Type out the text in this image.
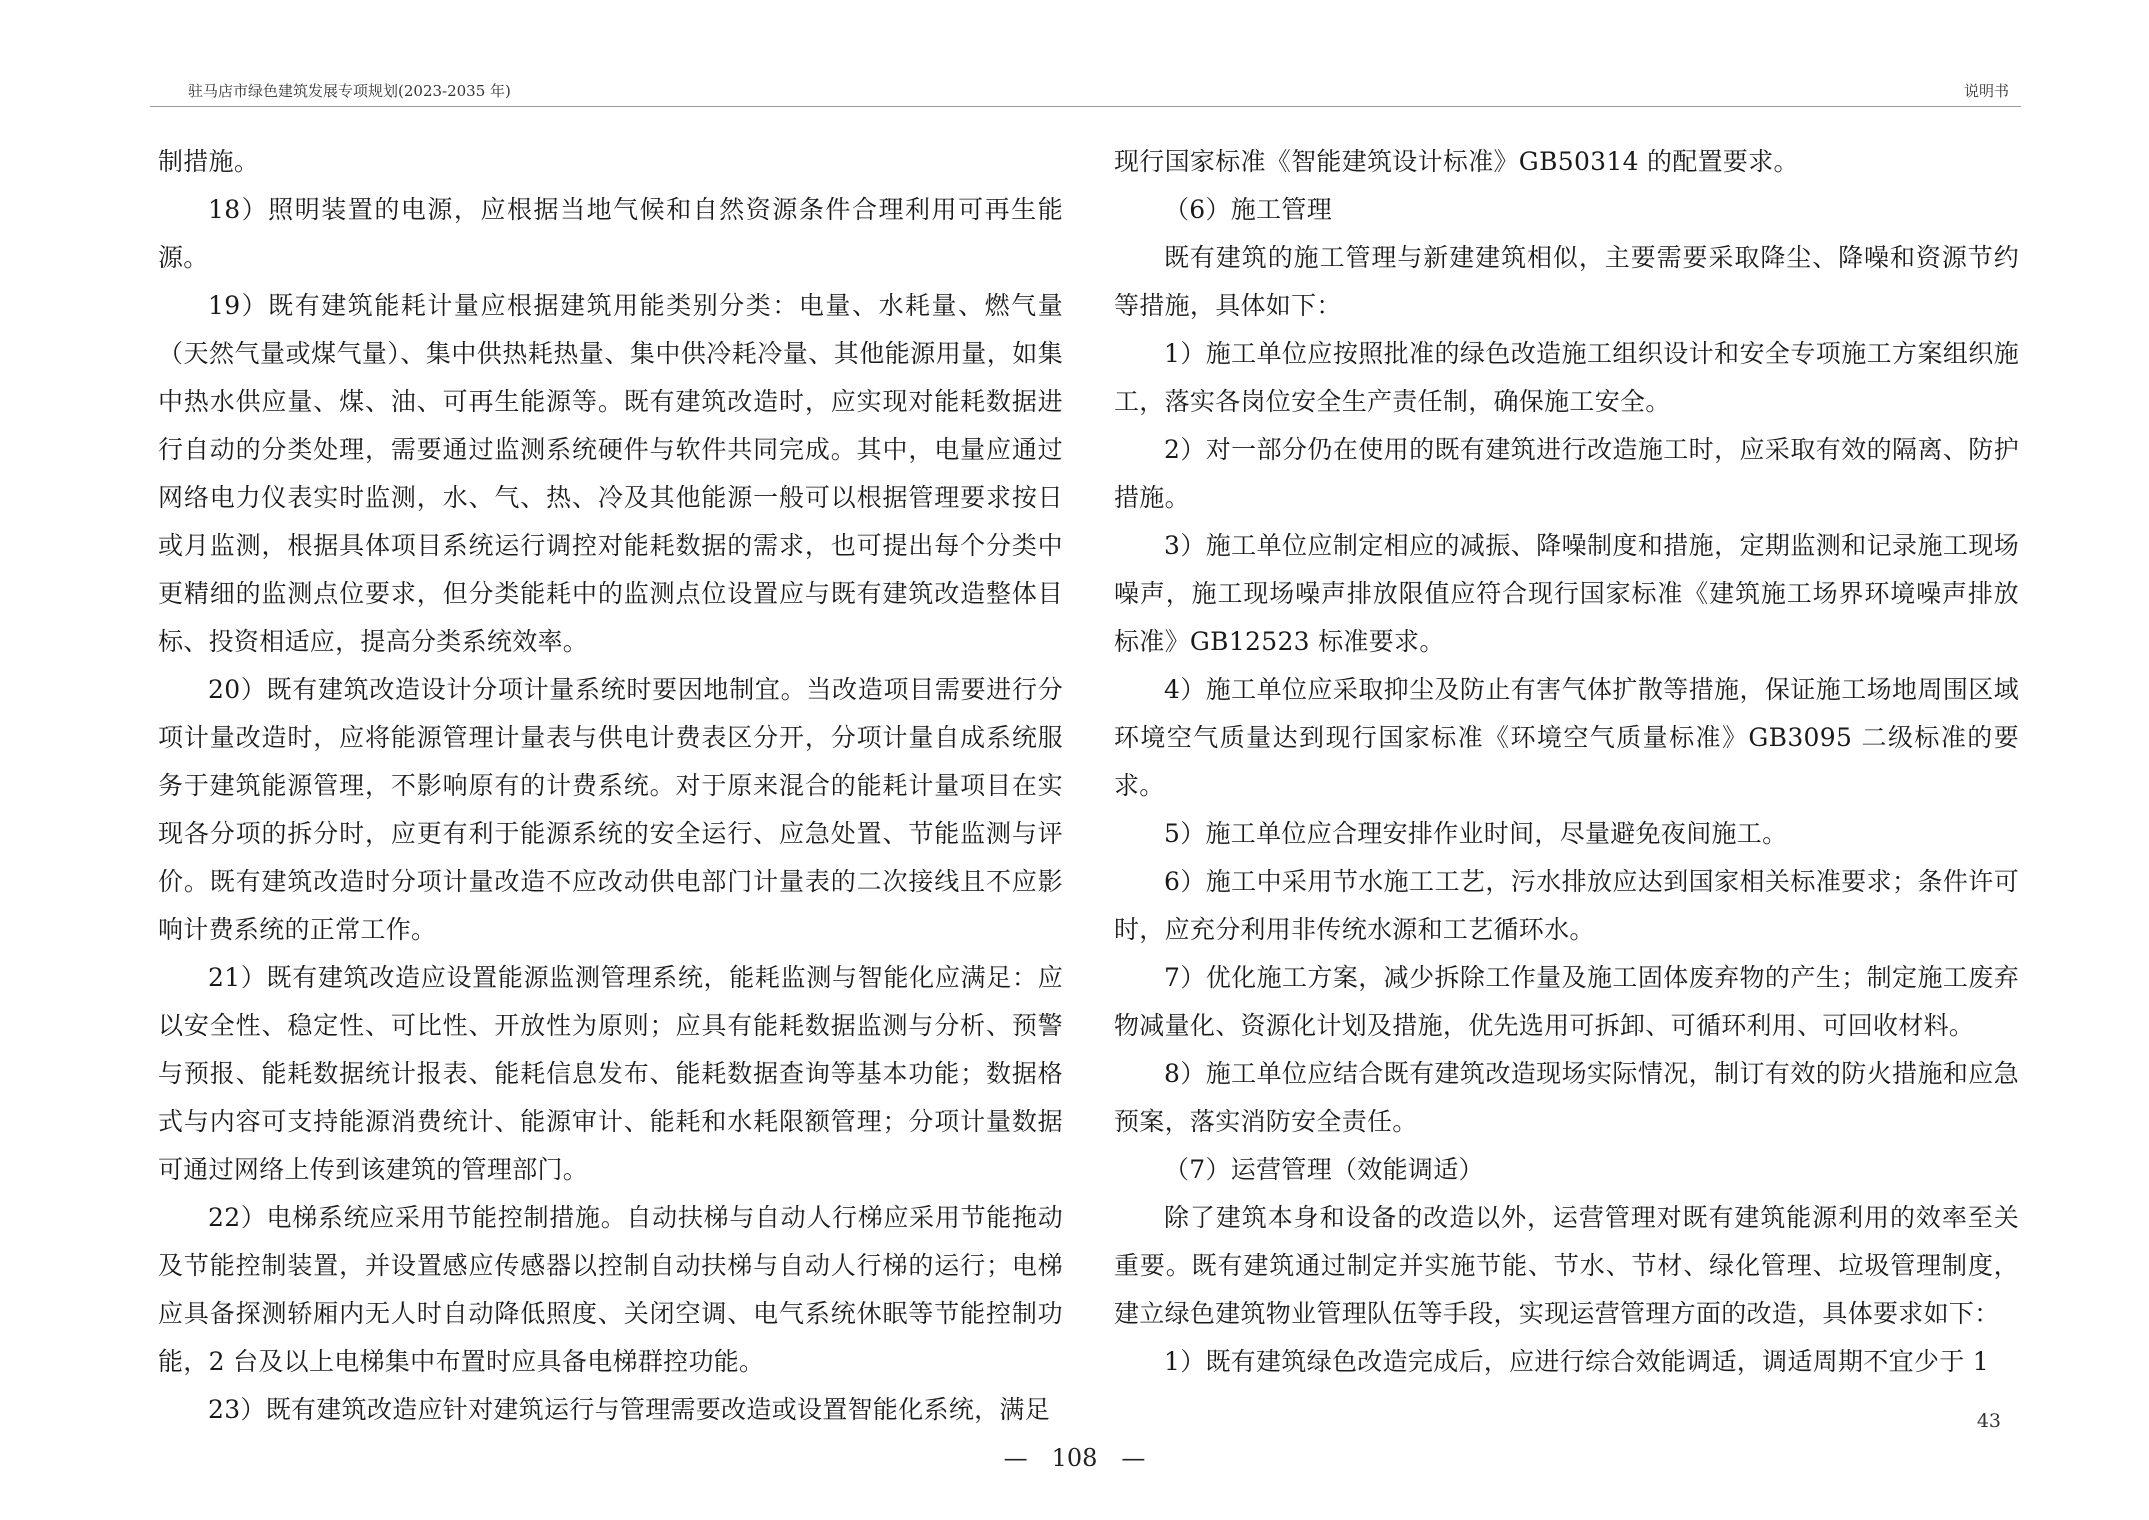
驻马店市绿色建筑发展专项规划(2023-2035 年)	说明书

制措施。

18）照明装置的电源，应根据当地气候和自然资源条件合理利用可再生能源。

19）既有建筑能耗计量应根据建筑用能类别分类：电量、水耗量、燃气量（天然气量或煤气量）、集中供热耗热量、集中供冷耗冷量、其他能源用量，如集中热水供应量、煤、油、可再生能源等。既有建筑改造时，应实现对能耗数据进行自动的分类处理，需要通过监测系统硬件与软件共同完成。其中，电量应通过网络电力仪表实时监测，水、气、热、冷及其他能源一般可以根据管理要求按日或月监测，根据具体项目系统运行调控对能耗数据的需求，也可提出每个分类中更精细的监测点位要求，但分类能耗中的监测点位设置应与既有建筑改造整体目标、投资相适应，提高分类系统效率。

20）既有建筑改造设计分项计量系统时要因地制宜。当改造项目需要进行分项计量改造时，应将能源管理计量表与供电计费表区分开，分项计量自成系统服务于建筑能源管理，不影响原有的计费系统。对于原来混合的能耗计量项目在实现各分项的拆分时，应更有利于能源系统的安全运行、应急处置、节能监测与评价。既有建筑改造时分项计量改造不应改动供电部门计量表的二次接线且不应影响计费系统的正常工作。

21）既有建筑改造应设置能源监测管理系统，能耗监测与智能化应满足：应以安全性、稳定性、可比性、开放性为原则；应具有能耗数据监测与分析、预警与预报、能耗数据统计报表、能耗信息发布、能耗数据查询等基本功能；数据格式与内容可支持能源消费统计、能源审计、能耗和水耗限额管理；分项计量数据可通过网络上传到该建筑的管理部门。

22）电梯系统应采用节能控制措施。自动扶梯与自动人行梯应采用节能拖动及节能控制装置，并设置感应传感器以控制自动扶梯与自动人行梯的运行；电梯应具备探测轿厢内无人时自动降低照度、关闭空调、电气系统休眠等节能控制功能，2 台及以上电梯集中布置时应具备电梯群控功能。

23）既有建筑改造应针对建筑运行与管理需要改造或设置智能化系统，满足

现行国家标准《智能建筑设计标准》GB50314 的配置要求。

（6）施工管理

既有建筑的施工管理与新建建筑相似，主要需要采取降尘、降噪和资源节约等措施，具体如下：

1）施工单位应按照批准的绿色改造施工组织设计和安全专项施工方案组织施工，落实各岗位安全生产责任制，确保施工安全。

2）对一部分仍在使用的既有建筑进行改造施工时，应采取有效的隔离、防护措施。

3）施工单位应制定相应的减振、降噪制度和措施，定期监测和记录施工现场噪声，施工现场噪声排放限值应符合现行国家标准《建筑施工场界环境噪声排放标准》GB12523 标准要求。

4）施工单位应采取抑尘及防止有害气体扩散等措施，保证施工场地周围区域环境空气质量达到现行国家标准《环境空气质量标准》GB3095 二级标准的要求。

5）施工单位应合理安排作业时间，尽量避免夜间施工。

6）施工中采用节水施工工艺，污水排放应达到国家相关标准要求；条件许可时，应充分利用非传统水源和工艺循环水。

7）优化施工方案，减少拆除工作量及施工固体废弃物的产生；制定施工废弃物减量化、资源化计划及措施，优先选用可拆卸、可循环利用、可回收材料。

8）施工单位应结合既有建筑改造现场实际情况，制订有效的防火措施和应急预案，落实消防安全责任。

（7）运营管理（效能调适）

除了建筑本身和设备的改造以外，运营管理对既有建筑能源利用的效率至关重要。既有建筑通过制定并实施节能、节水、节材、绿化管理、垃圾管理制度，建立绿色建筑物业管理队伍等手段，实现运营管理方面的改造，具体要求如下：

1）既有建筑绿色改造完成后，应进行综合效能调适，调适周期不宜少于 1

43
—　108　—
